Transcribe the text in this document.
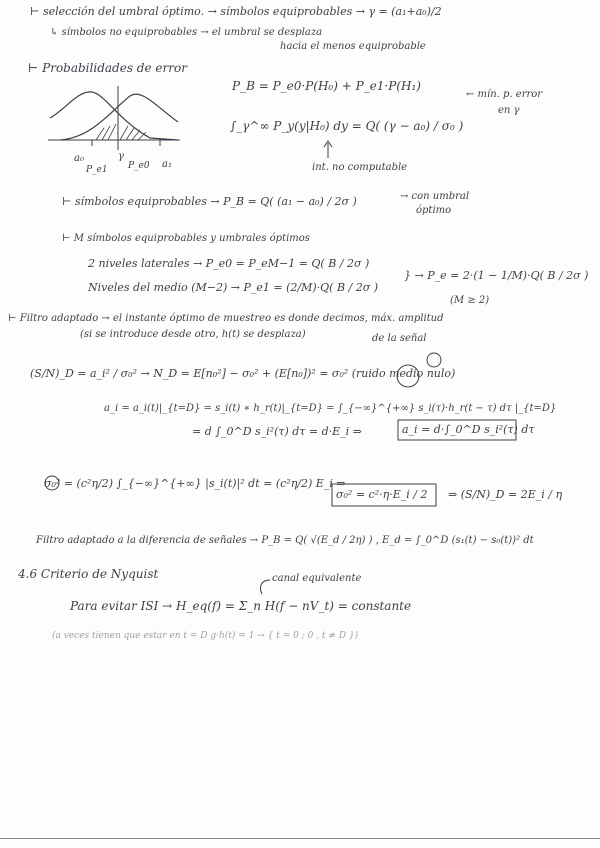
⊢ selección del umbral óptimo. → símbolos equiprobables → γ = (a₁+a₀)/2
↳ símbolos no equiprobables → el umbral se desplaza
hacia el menos equiprobable
⊢ Probabilidades de error
γ
a₀
a₁
P_e0
P_e1
P_B = P_e0·P(H₀) + P_e1·P(H₁)
← mín. p. error
en γ
∫_γ^∞ P_y(y|H₀) dy = Q( (γ − a₀) / σ₀ )
int. no computable
⊢ símbolos equiprobables → P_B = Q( (a₁ − a₀) / 2σ )	→ con umbral
óptimo
⊢ M símbolos equiprobables y umbrales óptimos
2 niveles laterales → P_e0 = P_eM−1 = Q( B / 2σ )
} → P_e = 2·(1 − 1/M)·Q( B / 2σ )
Niveles del medio (M−2) → P_e1 = (2/M)·Q( B / 2σ )
(M ≥ 2)
⊢ Filtro adaptado → el instante óptimo de muestreo es donde decimos, máx. amplitud
(si se introduce desde otro, h(t) se desplaza)	de la señal
(S/N)_D = a_i² / σ₀² → N_D = E[n₀²] − σ₀² + (E[n₀])² = σ₀² (ruido medio nulo)
a_i = a_i(t)|_{t=D} = s_i(t) ∗ h_r(t)|_{t=D} = ∫_{−∞}^{+∞} s_i(τ)·h_r(t − τ) dτ |_{t=D}
= d ∫_0^D s_i²(τ) dτ = d·E_i ⇒	a_i = d·∫_0^D s_i²(τ) dτ
σ₀² = (c²η/2) ∫_{−∞}^{+∞} |s_i(t)|² dt = (c²η/2) E_i ⇒
σ₀² = c²·η·E_i / 2 ⇒ (S/N)_D = 2E_i / η
Filtro adaptado a la diferencia de señales → P_B = Q( √(E_d / 2η) ) , E_d = ∫_0^D (s₁(t) − s₀(t))² dt
4.6 Criterio de Nyquist	canal equivalente
Para evitar ISI → H_eq(f) = Σ_n H(f − nV_t) = constante
(a veces tienen que estar en t = D g·h(t) = 1 → { t = 0 ; 0 , t ≠ D })
